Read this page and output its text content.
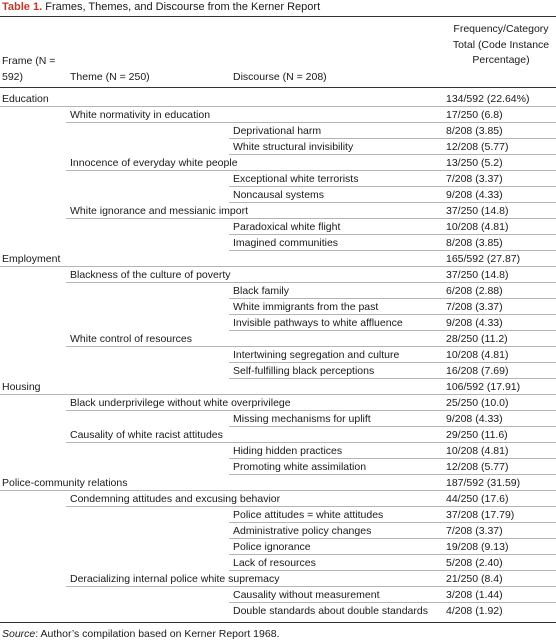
Table 1. Frames, Themes, and Discourse from the Kerner Report
Frame (N = 592)	Theme (N = 250)	Discourse (N = 208)
Frequency/Category Total (Code Instance Percentage)
Education	134/592 (22.64%)
White normativity in education	17/250 (6.8)
Deprivational harm	8/208 (3.85)
White structural invisibility	12/208 (5.77)
Innocence of everyday white people	13/250 (5.2)
Exceptional white terrorists	7/208 (3.37)
Noncausal systems	9/208 (4.33)
White ignorance and messianic import	37/250 (14.8)
Paradoxical white flight	10/208 (4.81)
Imagined communities	8/208 (3.85)
Employment	165/592 (27.87)
Blackness of the culture of poverty	37/250 (14.8)
Black family	6/208 (2.88)
White immigrants from the past	7/208 (3.37)
Invisible pathways to white affluence	9/208 (4.33)
White control of resources	28/250 (11.2)
Intertwining segregation and culture	10/208 (4.81)
Self-fulfilling black perceptions	16/208 (7.69)
Housing	106/592 (17.91)
Black underprivilege without white overprivilege	25/250 (10.0)
Missing mechanisms for uplift	9/208 (4.33)
Causality of white racist attitudes	29/250 (11.6)
Hiding hidden practices	10/208 (4.81)
Promoting white assimilation	12/208 (5.77)
Police-community relations	187/592 (31.59)
Condemning attitudes and excusing behavior	44/250 (17.6)
Police attitudes = white attitudes	37/208 (17.79)
Administrative policy changes	7/208 (3.37)
Police ignorance	19/208 (9.13)
Lack of resources	5/208 (2.40)
Deracializing internal police white supremacy	21/250 (8.4)
Causality without measurement	3/208 (1.44)
Double standards about double standards 4/208 (1.92)
Source: Author’s compilation based on Kerner Report 1968.
